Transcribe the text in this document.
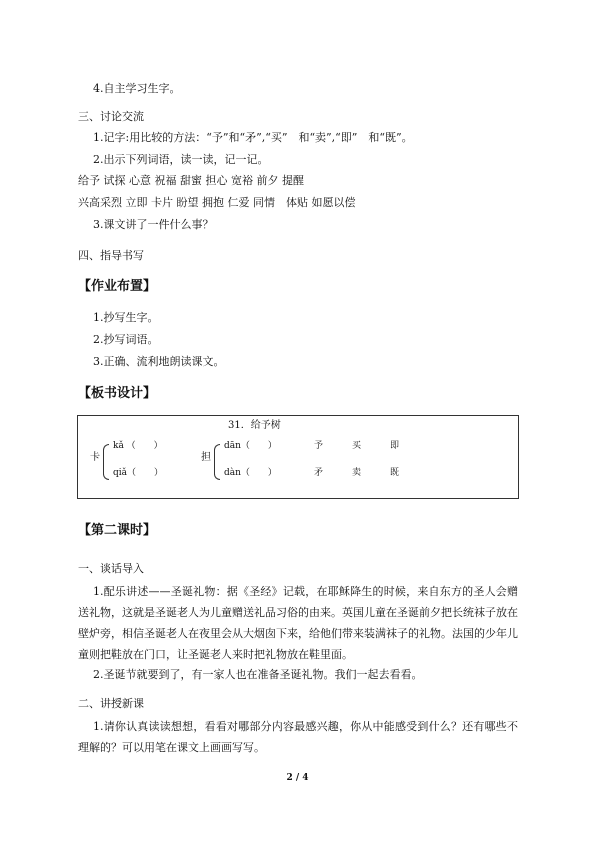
4.自主学习生字。
三、讨论交流
1.记字:用比较的方法：“予”和“矛”,“买”　和“卖”,“即”　和“既”。
2.出示下列词语，读一读，记一记。
给予 试探 心意 祝福 甜蜜 担心 宽裕 前夕 提醒
兴高采烈 立即 卡片 盼望 拥抱 仁爱 同情　体贴 如愿以偿
3.课文讲了一件什么事？
四、指导书写
【作业布置】
1.抄写生字。
2.抄写词语。
3.正确、流利地朗读课文。
【板书设计】
31．给予树
卡
kǎ （　　）
qiǎ（　　）
担
dān（　　）
dàn（　　）
予	买	即
矛	卖	既
【第二课时】
一、谈话导入
1.配乐讲述——圣诞礼物：据《圣经》记载，在耶稣降生的时候，来自东方的圣人会赠送礼物，这就是圣诞老人为儿童赠送礼品习俗的由来。英国儿童在圣诞前夕把长统袜子放在壁炉旁，相信圣诞老人在夜里会从大烟囱下来，给他们带来装满袜子的礼物。法国的少年儿童则把鞋放在门口，让圣诞老人来时把礼物放在鞋里面。
2.圣诞节就要到了，有一家人也在准备圣诞礼物。我们一起去看看。
二、讲授新课
1.请你认真读读想想，看看对哪部分内容最感兴趣，你从中能感受到什么？还有哪些不理解的？可以用笔在课文上画画写写。
2 / 4
